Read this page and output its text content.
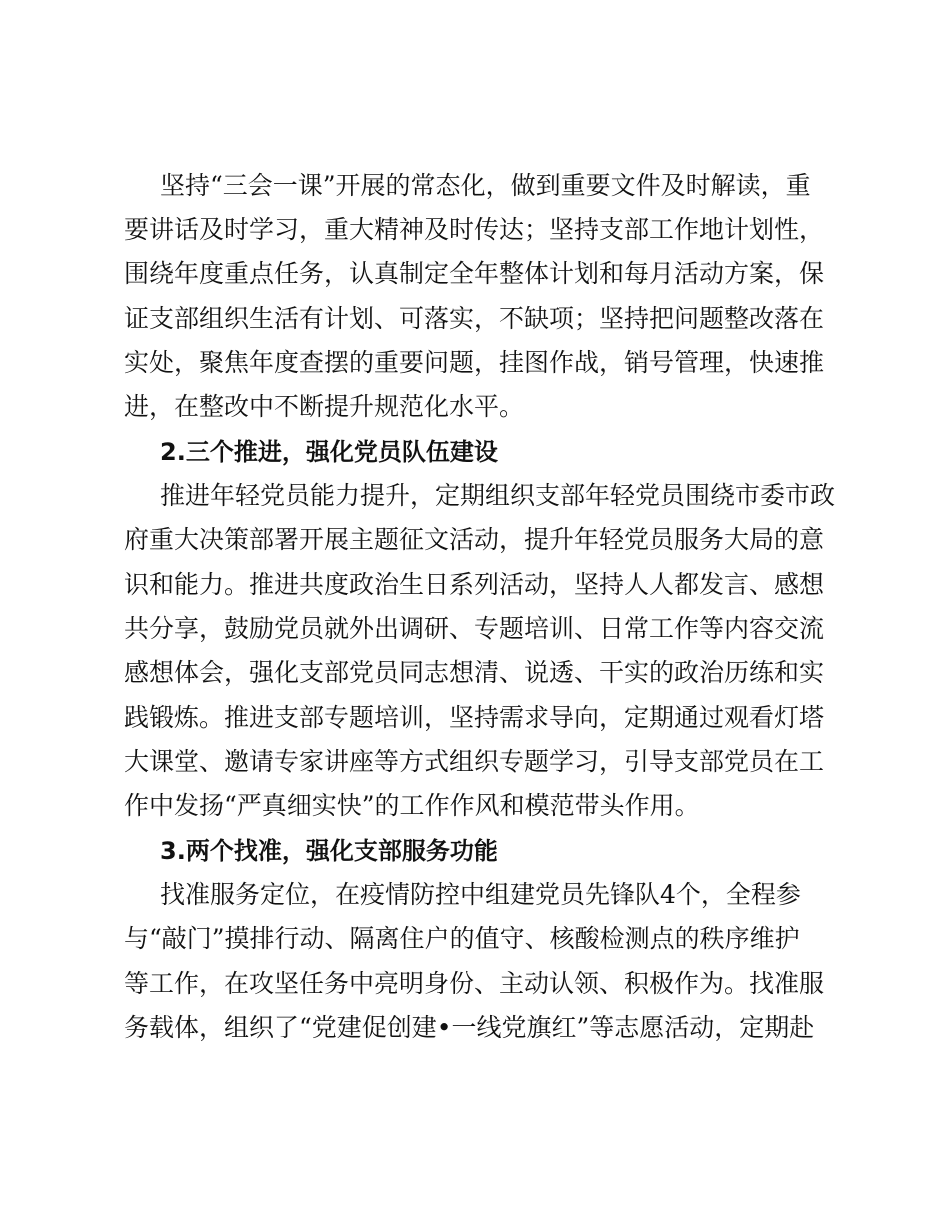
坚持“三会一课”开展的常态化，做到重要文件及时解读，重
要讲话及时学习，重大精神及时传达；坚持支部工作地计划性，
围绕年度重点任务，认真制定全年整体计划和每月活动方案，保
证支部组织生活有计划、可落实，不缺项；坚持把问题整改落在
实处，聚焦年度查摆的重要问题，挂图作战，销号管理，快速推
进，在整改中不断提升规范化水平。
2.三个推进，强化党员队伍建设
推进年轻党员能力提升，定期组织支部年轻党员围绕市委市政
府重大决策部署开展主题征文活动，提升年轻党员服务大局的意
识和能力。推进共度政治生日系列活动，坚持人人都发言、感想
共分享，鼓励党员就外出调研、专题培训、日常工作等内容交流
感想体会，强化支部党员同志想清、说透、干实的政治历练和实
践锻炼。推进支部专题培训，坚持需求导向，定期通过观看灯塔
大课堂、邀请专家讲座等方式组织专题学习，引导支部党员在工
作中发扬“严真细实快”的工作作风和模范带头作用。
3.两个找准，强化支部服务功能
找准服务定位，在疫情防控中组建党员先锋队4个，全程参
与“敲门”摸排行动、隔离住户的值守、核酸检测点的秩序维护
等工作，在攻坚任务中亮明身份、主动认领、积极作为。找准服
务载体，组织了“党建促创建•一线党旗红”等志愿活动，定期赴
